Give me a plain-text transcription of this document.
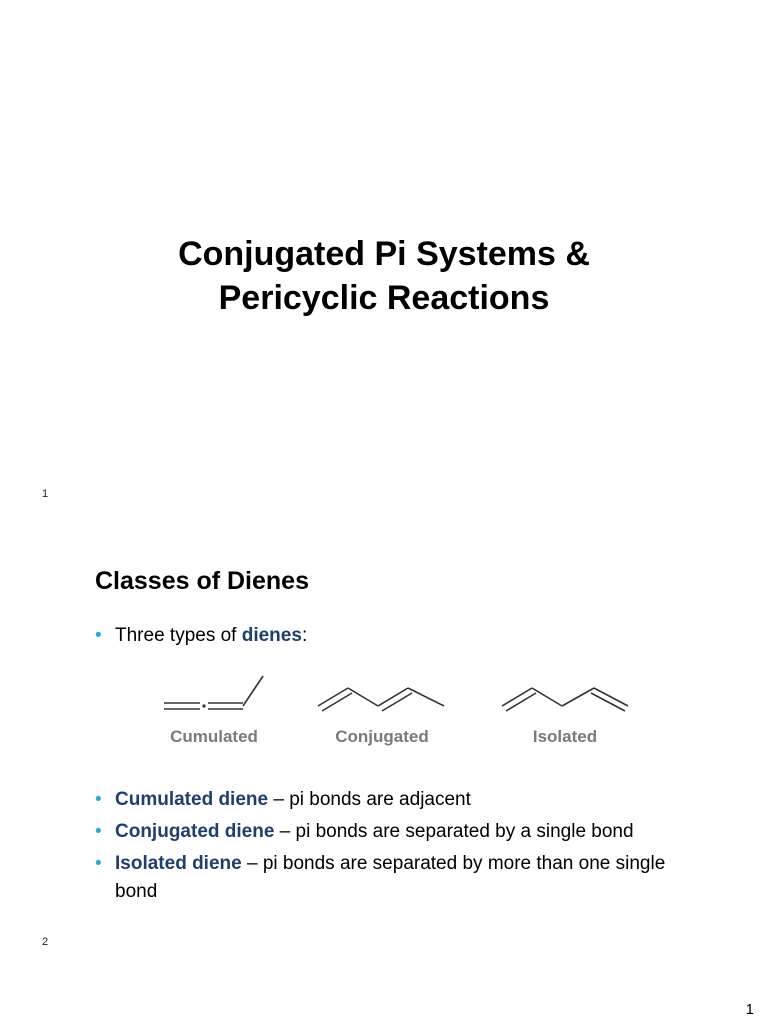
Conjugated Pi Systems &
Pericyclic Reactions
1
Classes of Dienes
• Three types of dienes:
Cumulated	Conjugated	Isolated
• Cumulated diene – pi bonds are adjacent
• Conjugated diene – pi bonds are separated by a single bond
• Isolated diene – pi bonds are separated by more than one single bond
2
1
